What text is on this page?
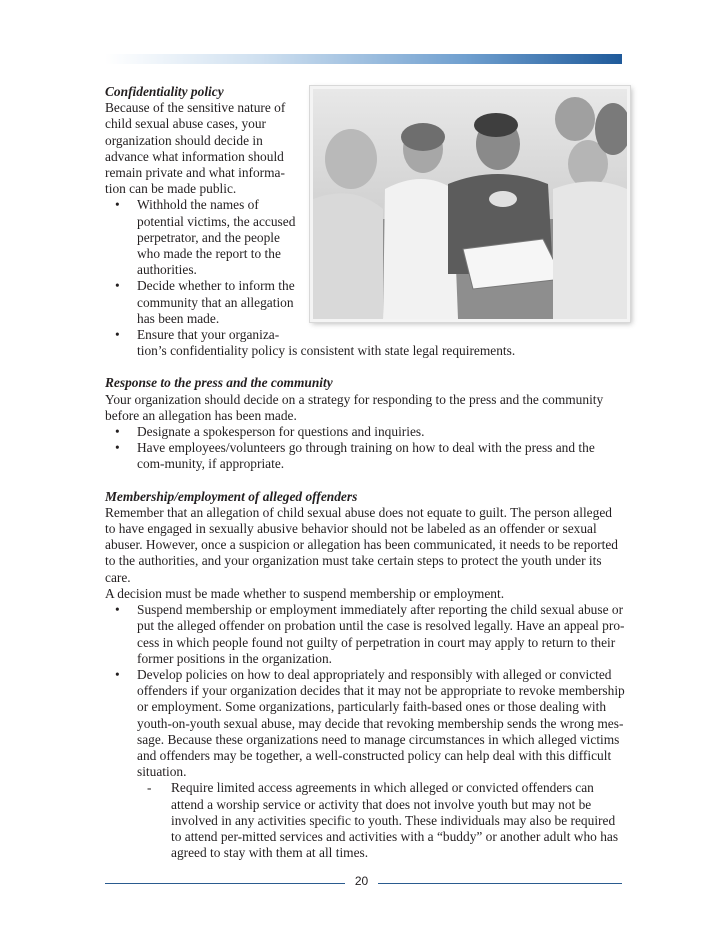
Confidentiality policy

Because of the sensitive nature of child sexual abuse cases, your organization should decide in advance what information should remain private and what informa-tion can be made public.

• Withhold the names of potential victims, the accused perpetrator, and the people who made the report to the authorities.
• Decide whether to inform the community that an allegation has been made.
• Ensure that your organiza-tion’s confidentiality policy is consistent with state legal requirements.
Response to the press and the community

Your organization should decide on a strategy for responding to the press and the community before an allegation has been made.

• Designate a spokesperson for questions and inquiries.
• Have employees/volunteers go through training on how to deal with the press and the com-munity, if appropriate.
Membership/employment of alleged offenders

Remember that an allegation of child sexual abuse does not equate to guilt. The person alleged to have engaged in sexually abusive behavior should not be labeled as an offender or sexual abuser. However, once a suspicion or allegation has been communicated, it needs to be reported to the authorities, and your organization must take certain steps to protect the youth under its care.

A decision must be made whether to suspend membership or employment.

• Suspend membership or employment immediately after reporting the child sexual abuse or put the alleged offender on probation until the case is resolved legally. Have an appeal pro-cess in which people found not guilty of perpetration in court may apply to return to their former positions in the organization.
• Develop policies on how to deal appropriately and responsibly with alleged or convicted offenders if your organization decides that it may not be appropriate to revoke membership or employment. Some organizations, particularly faith-based ones or those dealing with youth-on-youth sexual abuse, may decide that revoking membership sends the wrong mes-sage. Because these organizations need to manage circumstances in which alleged victims and offenders may be together, a well-constructed policy can help deal with this difficult situation.
- Require limited access agreements in which alleged or convicted offenders can attend a worship service or activity that does not involve youth but may not be involved in any activities specific to youth. These individuals may also be required to attend per-mitted services and activities with a “buddy” or another adult who has agreed to stay with them at all times.
20
